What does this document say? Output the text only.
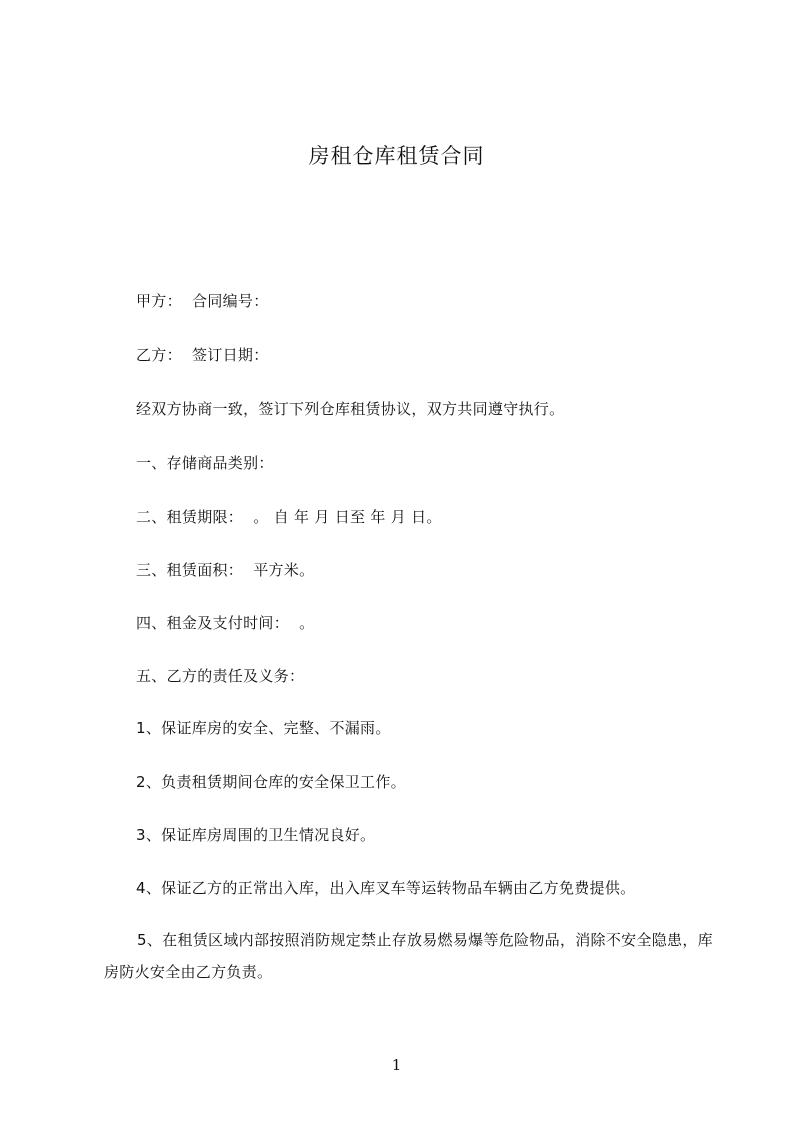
房租仓库租赁合同
甲方：  合同编号：
乙方：  签订日期：
经双方协商一致，签订下列仓库租赁协议，双方共同遵守执行。
一、存储商品类别：
二、租赁期限：  。 自 年 月 日至 年 月 日。
三、租赁面积：  平方米。
四、租金及支付时间：  。
五、乙方的责任及义务：
1、保证库房的安全、完整、不漏雨。
2、负责租赁期间仓库的安全保卫工作。
3、保证库房周围的卫生情况良好。
4、保证乙方的正常出入库，出入库叉车等运转物品车辆由乙方免费提供。
5、在租赁区域内部按照消防规定禁止存放易燃易爆等危险物品，消除不安全隐患，库房防火安全由乙方负责。
1
